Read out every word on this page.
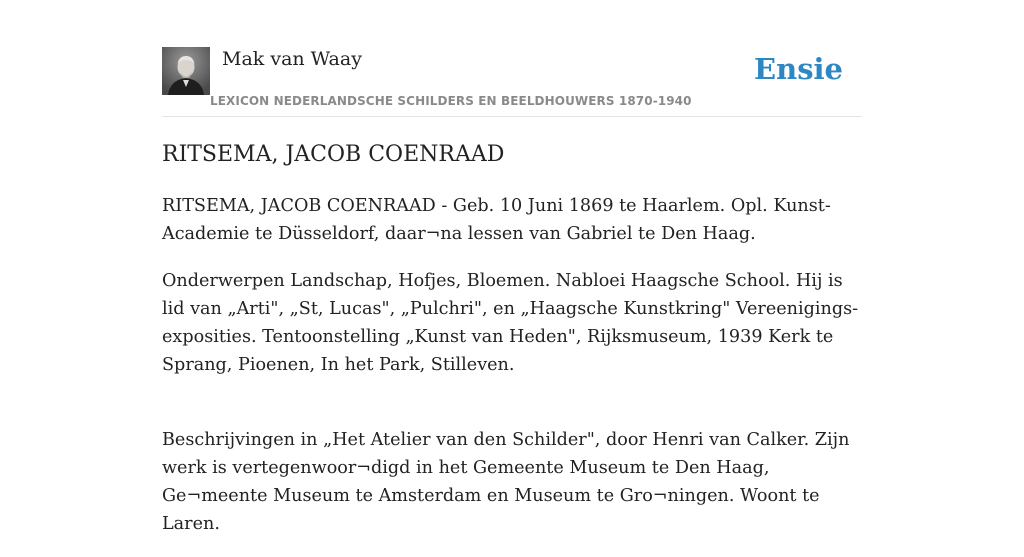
Mak van Waay
LEXICON NEDERLANDSCHE SCHILDERS EN BEELDHOUWERS 1870-1940
Ensie
RITSEMA, JACOB COENRAAD

RITSEMA, JACOB COENRAAD - Geb. 10 Juni 1869 te Haarlem. Opl. Kunst-Academie te Düsseldorf, daar¬na lessen van Gabriel te Den Haag.

Onderwerpen Landschap, Hofjes, Bloemen. Nabloei Haagsche School. Hij is lid van „Arti", „St, Lucas", „Pulchri", en „Haagsche Kunstkring" Vereenigings-exposities. Tentoonstelling „Kunst van Heden", Rijksmuseum, 1939 Kerk te Sprang, Pioenen, In het Park, Stilleven.

Beschrijvingen in „Het Atelier van den Schilder", door Henri van Calker. Zijn werk is vertegenwoor¬digd in het Gemeente Museum te Den Haag, Ge¬meente Museum te Amsterdam en Museum te Gro¬ningen. Woont te Laren.
